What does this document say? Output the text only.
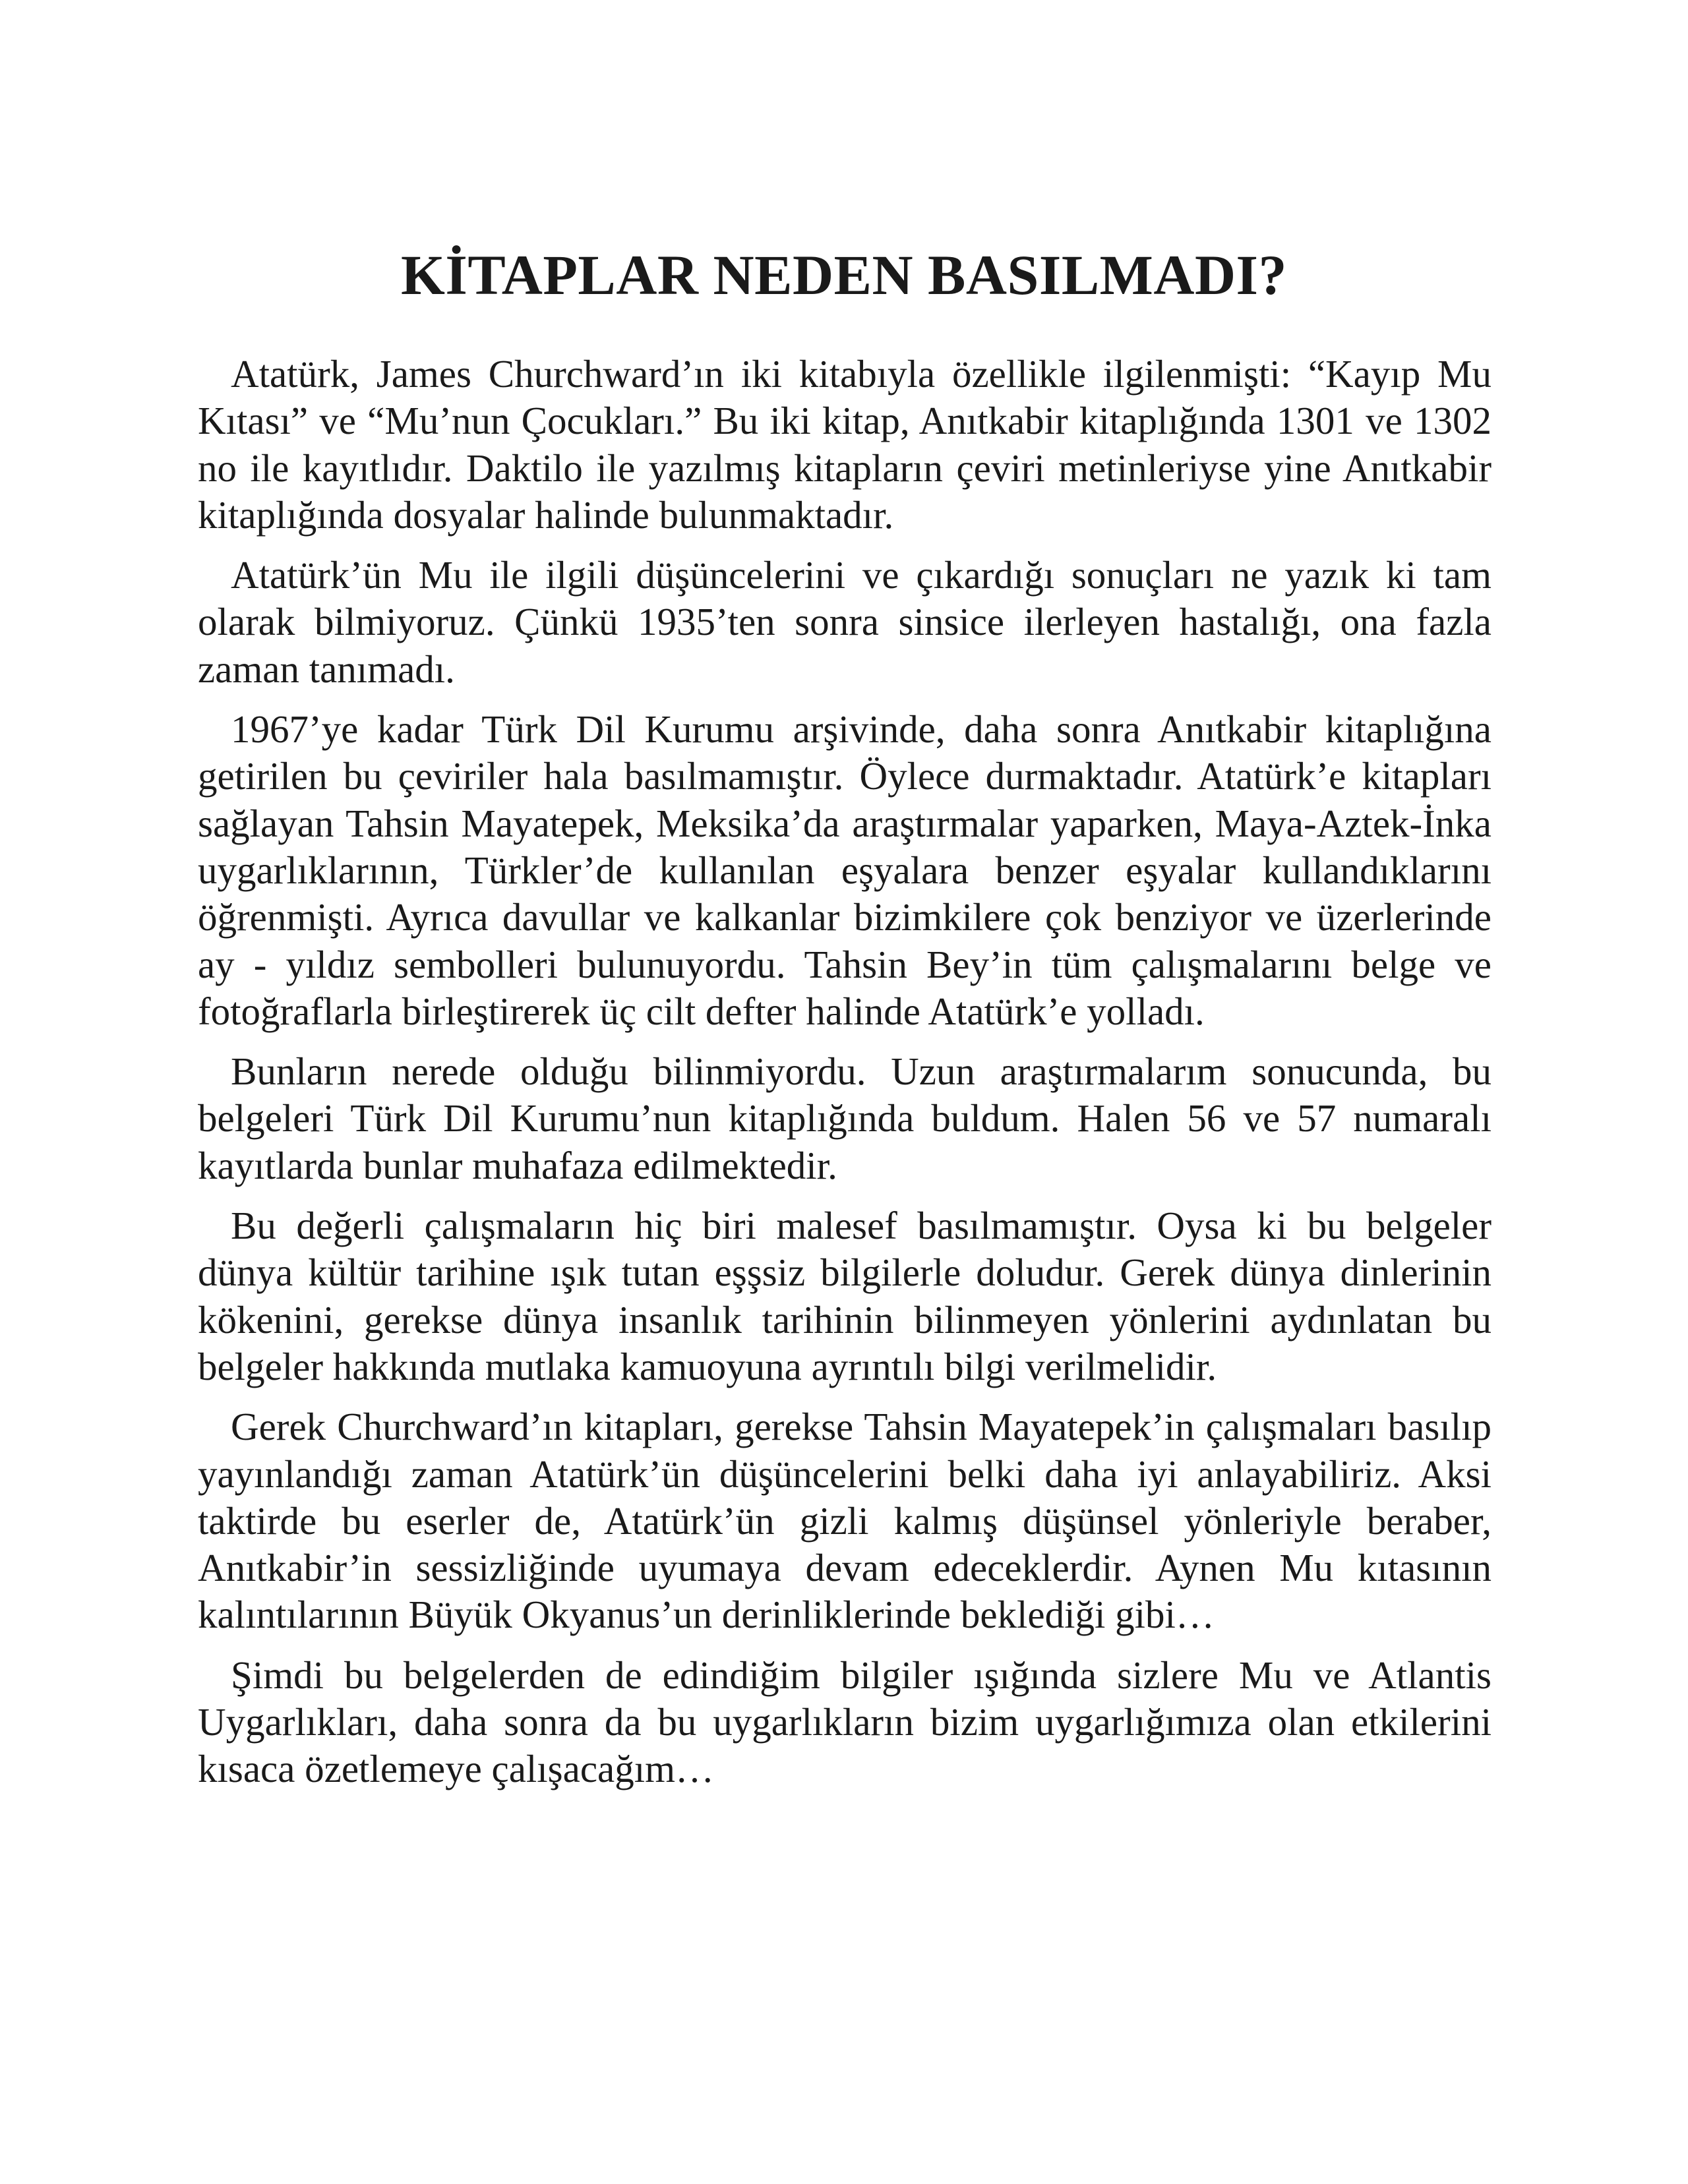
KİTAPLAR NEDEN BASILMADI?

Atatürk, James Churchward’ın iki kitabıyla özellikle ilgilenmişti: “Kayıp Mu Kıtası” ve “Mu’nun Çocukları.” Bu iki kitap, Anıtkabir kitaplığında 1301 ve 1302 no ile kayıtlıdır. Daktilo ile yazılmış kitapların çeviri metinleriyse yine Anıtkabir kitaplığında dosyalar halinde bulunmaktadır.

Atatürk’ün Mu ile ilgili düşüncelerini ve çıkardığı sonuçları ne yazık ki tam olarak bilmiyoruz. Çünkü 1935’ten sonra sinsice ilerleyen hastalığı, ona fazla zaman tanımadı.

1967’ye kadar Türk Dil Kurumu arşivinde, daha sonra Anıtkabir kitaplığına getirilen bu çeviriler hala basılmamıştır. Öylece durmaktadır. Atatürk’e kitapları sağlayan Tahsin Mayatepek, Meksika’da araştırmalar yaparken, Maya-Aztek-İnka uygarlıklarının, Türkler’de kullanılan eşyalara benzer eşyalar kullandıklarını öğrenmişti. Ayrıca davullar ve kalkanlar bizimkilere çok benziyor ve üzerlerinde ay - yıldız sembolleri bulunuyordu. Tahsin Bey’in tüm çalışmalarını belge ve fotoğraflarla birleştirerek üç cilt defter halinde Atatürk’e yolladı.

Bunların nerede olduğu bilinmiyordu. Uzun araştırmalarım sonucunda, bu belgeleri Türk Dil Kurumu’nun kitaplığında buldum. Halen 56 ve 57 numaralı kayıtlarda bunlar muhafaza edilmektedir.

Bu değerli çalışmaların hiç biri malesef basılmamıştır. Oysa ki bu belgeler dünya kültür tarihine ışık tutan eşşsiz bilgilerle doludur. Gerek dünya dinlerinin kökenini, gerekse dünya insanlık tarihinin bilinmeyen yönlerini aydınlatan bu belgeler hakkında mutlaka kamuoyuna ayrıntılı bilgi verilmelidir.

Gerek Churchward’ın kitapları, gerekse Tahsin Mayatepek’in çalışmaları basılıp yayınlandığı zaman Atatürk’ün düşüncelerini belki daha iyi anlayabiliriz. Aksi taktirde bu eserler de, Atatürk’ün gizli kalmış düşünsel yönleriyle beraber, Anıtkabir’in sessizliğinde uyumaya devam edeceklerdir. Aynen Mu kıtasının kalıntılarının Büyük Okyanus’un derinliklerinde beklediği gibi…

Şimdi bu belgelerden de edindiğim bilgiler ışığında sizlere Mu ve Atlantis Uygarlıkları, daha sonra da bu uygarlıkların bizim uygarlığımıza olan etkilerini kısaca özetlemeye çalışacağım…
